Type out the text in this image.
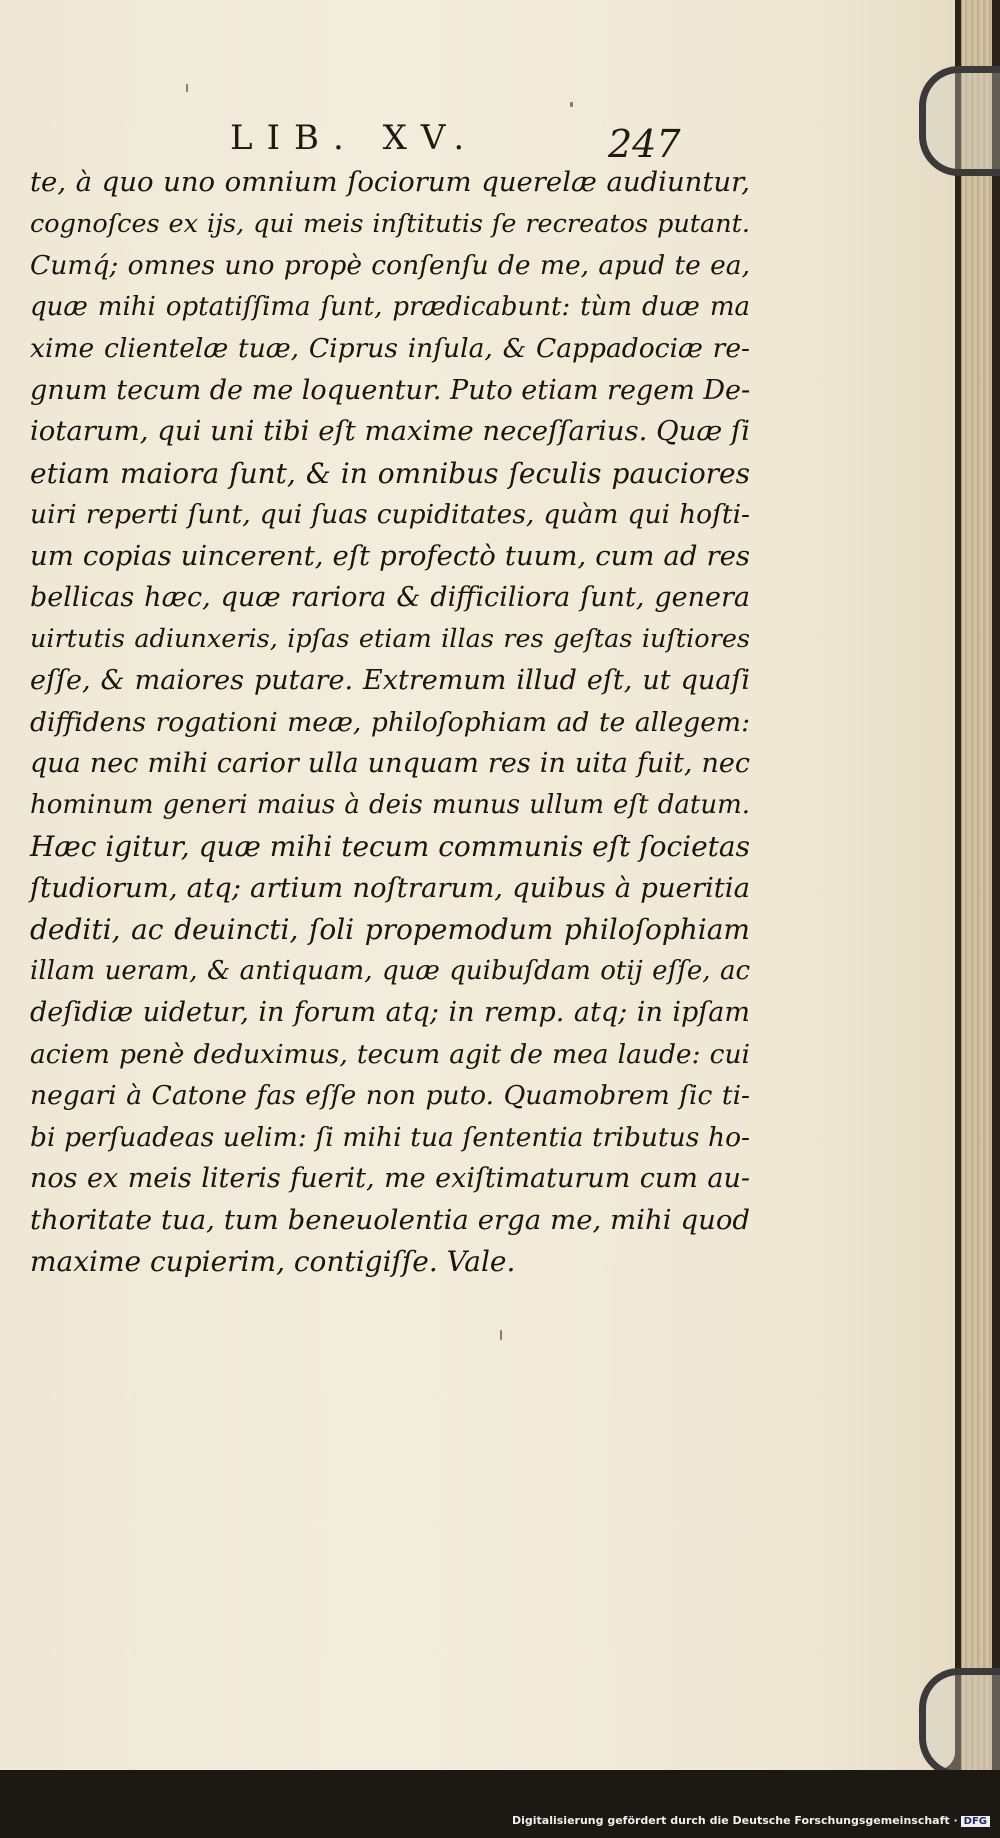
LIB. XV.	247
te, à quo uno omnium ſociorum querelæ audiuntur,
cognoſces ex ijs, qui meis inſtitutis ſe recreatos putant.
Cumq́; omnes uno propè conſenſu de me, apud te ea,
quæ mihi optatiſſima ſunt, prædicabunt: tùm duæ ma
xime clientelæ tuæ, Ciprus inſula, & Cappadociæ re-
gnum tecum de me loquentur. Puto etiam regem De-
iotarum, qui uni tibi eſt maxime neceſſarius. Quæ ſi
etiam maiora ſunt, & in omnibus ſeculis pauciores
uiri reperti ſunt, qui ſuas cupiditates, quàm qui hoſti-
um copias uincerent, eſt profectò tuum, cum ad res
bellicas hæc, quæ rariora & difficiliora ſunt, genera
uirtutis adiunxeris, ipſas etiam illas res geſtas iuſtiores
eſſe, & maiores putare. Extremum illud eſt, ut quaſi
diffidens rogationi meæ, philoſophiam ad te allegem:
qua nec mihi carior ulla unquam res in uita fuit, nec
hominum generi maius à deis munus ullum eſt datum.
Hæc igitur, quæ mihi tecum communis eſt ſocietas
ſtudiorum, atq; artium noſtrarum, quibus à pueritia
dediti, ac deuincti, ſoli propemodum philoſophiam
illam ueram, & antiquam, quæ quibuſdam otij eſſe, ac
deſidiæ uidetur, in forum atq; in remp. atq; in ipſam
aciem penè deduximus, tecum agit de mea laude: cui
negari à Catone fas eſſe non puto. Quamobrem ſic ti-
bi perſuadeas uelim: ſi mihi tua ſententia tributus ho-
nos ex meis literis fuerit, me exiſtimaturum cum au-
thoritate tua, tum beneuolentia erga me, mihi quod
maxime cupierim, contigiſſe. Vale.
Digitalisierung gefördert durch die Deutsche Forschungsgemeinschaft · DFG
